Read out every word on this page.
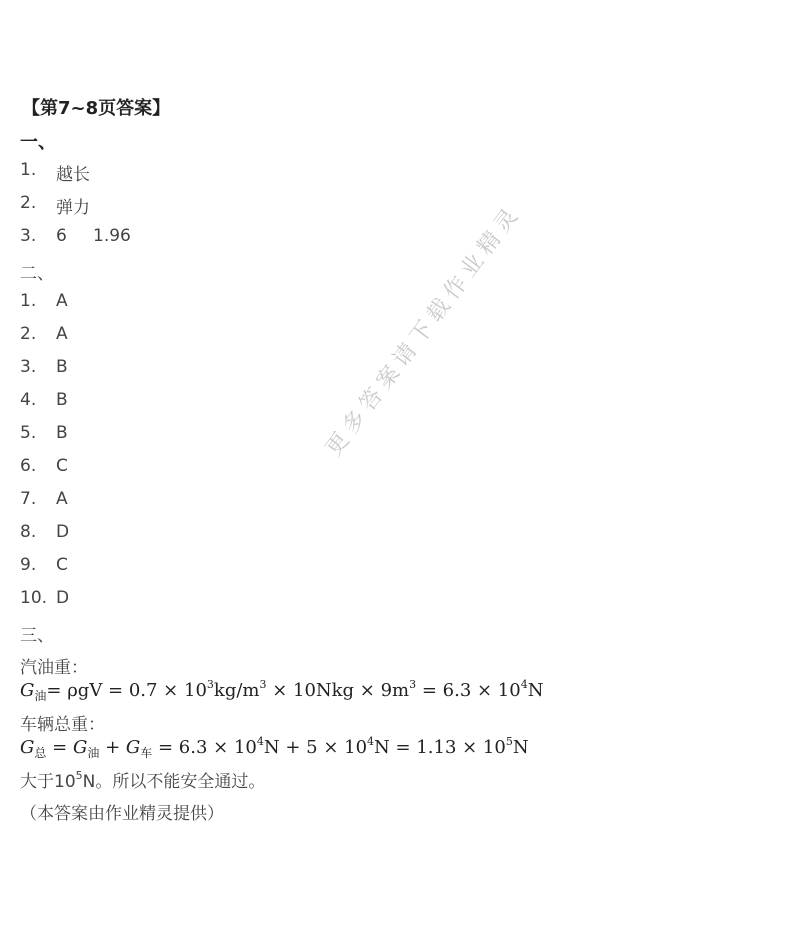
更多答案请下载作业精灵
【第7~8页答案】
一、
1. 越长
2. 弹力
3. 6 1.96
二、
1. A
2. A
3. B
4. B
5. B
6. C
7. A
8. D
9. C
10. D
三、
汽油重：
$G_油= \rho gV = 0.7 \times 10^3kg/m^3 \times 10Nkg \times 9m^3 = 6.3 \times 10^4N$
车辆总重：
$G_总 = G_油 + G_车 = 6.3 \times 10^4N + 5 \times 10^4N = 1.13 \times 10^5N$
大于$10^5N$。所以不能安全通过。
（本答案由作业精灵提供）
